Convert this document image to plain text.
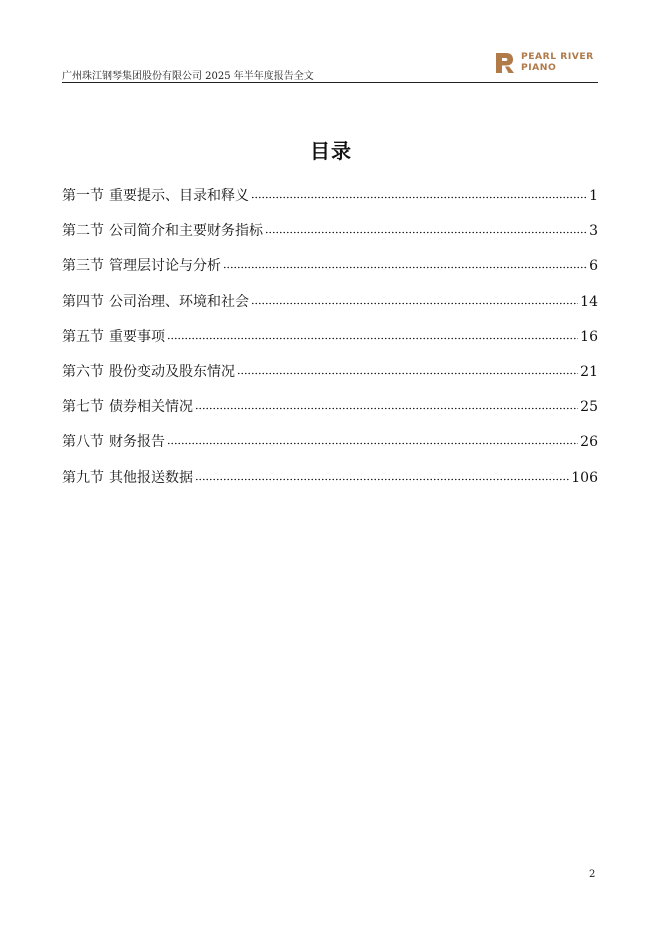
广州珠江钢琴集团股份有限公司 2025 年半年度报告全文
PEARL RIVER
PIANO
目录
第一节 重要提示、目录和释义	1
第二节 公司简介和主要财务指标	3
第三节 管理层讨论与分析	6
第四节 公司治理、环境和社会	14
第五节 重要事项	16
第六节 股份变动及股东情况	21
第七节 债券相关情况	25
第八节 财务报告	26
第九节 其他报送数据	106
2
